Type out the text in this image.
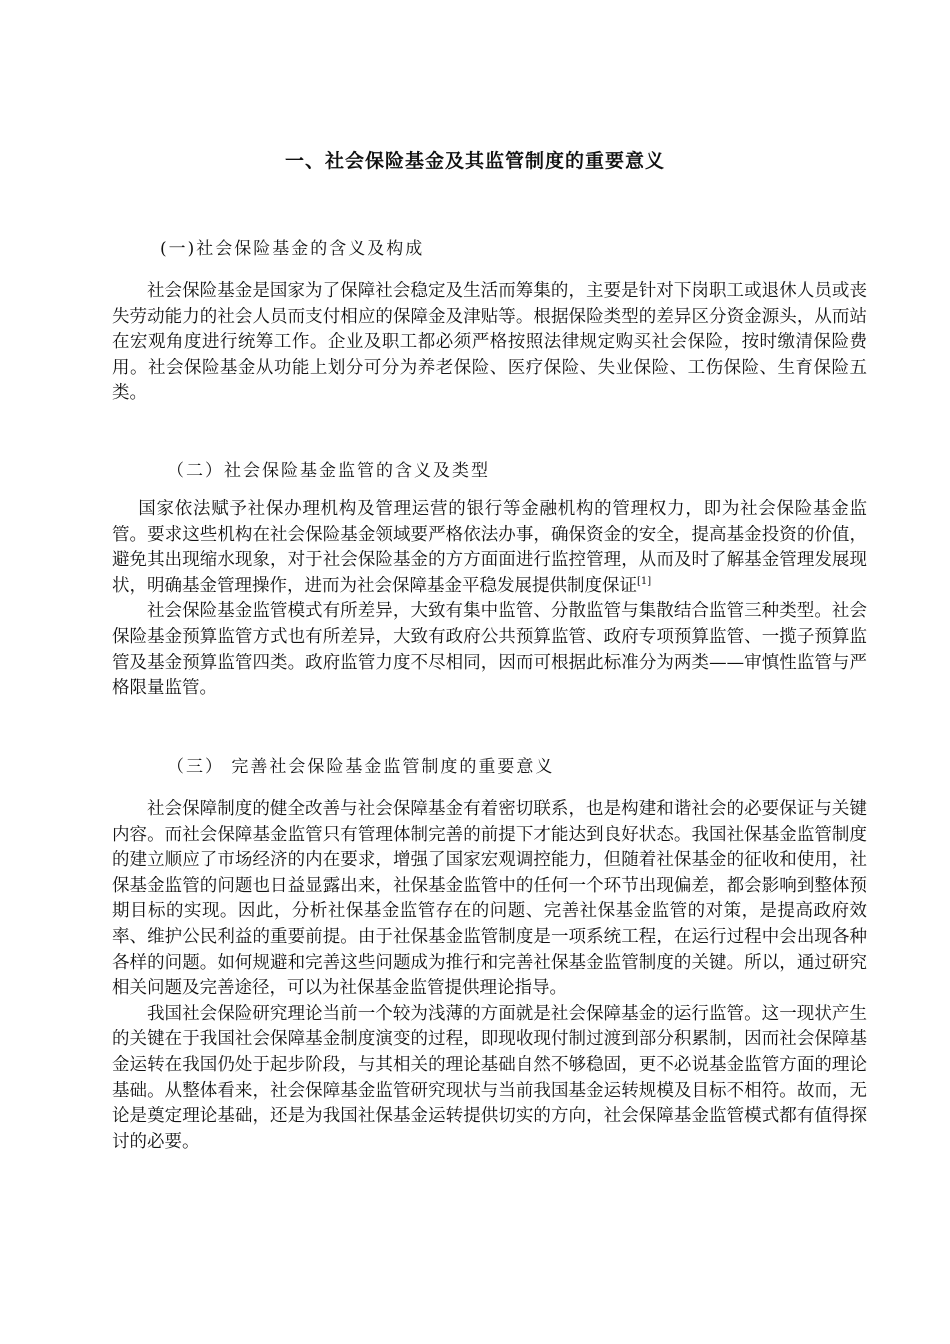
一、社会保险基金及其监管制度的重要意义
(一)社会保险基金的含义及构成

社会保险基金是国家为了保障社会稳定及生活而筹集的，主要是针对下岗职工或退休人员或丧失劳动能力的社会人员而支付相应的保障金及津贴等。根据保险类型的差异区分资金源头，从而站在宏观角度进行统筹工作。企业及职工都必须严格按照法律规定购买社会保险，按时缴清保险费用。社会保险基金从功能上划分可分为养老保险、医疗保险、失业保险、工伤保险、生育保险五类。

（二）社会保险基金监管的含义及类型

国家依法赋予社保办理机构及管理运营的银行等金融机构的管理权力，即为社会保险基金监管。要求这些机构在社会保险基金领域要严格依法办事，确保资金的安全，提高基金投资的价值，避免其出现缩水现象，对于社会保险基金的方方面面进行监控管理，从而及时了解基金管理发展现状，明确基金管理操作，进而为社会保障基金平稳发展提供制度保证[1]

社会保险基金监管模式有所差异，大致有集中监管、分散监管与集散结合监管三种类型。社会保险基金预算监管方式也有所差异，大致有政府公共预算监管、政府专项预算监管、一揽子预算监管及基金预算监管四类。政府监管力度不尽相同，因而可根据此标准分为两类——审慎性监管与严格限量监管。

（三） 完善社会保险基金监管制度的重要意义

社会保障制度的健全改善与社会保障基金有着密切联系，也是构建和谐社会的必要保证与关键内容。而社会保障基金监管只有管理体制完善的前提下才能达到良好状态。我国社保基金监管制度的建立顺应了市场经济的内在要求，增强了国家宏观调控能力，但随着社保基金的征收和使用，社保基金监管的问题也日益显露出来，社保基金监管中的任何一个环节出现偏差，都会影响到整体预期目标的实现。因此，分析社保基金监管存在的问题、完善社保基金监管的对策，是提高政府效率、维护公民利益的重要前提。由于社保基金监管制度是一项系统工程，在运行过程中会出现各种各样的问题。如何规避和完善这些问题成为推行和完善社保基金监管制度的关键。所以，通过研究相关问题及完善途径，可以为社保基金监管提供理论指导。

我国社会保险研究理论当前一个较为浅薄的方面就是社会保障基金的运行监管。这一现状产生的关键在于我国社会保障基金制度演变的过程，即现收现付制过渡到部分积累制，因而社会保障基金运转在我国仍处于起步阶段，与其相关的理论基础自然不够稳固，更不必说基金监管方面的理论基础。从整体看来，社会保障基金监管研究现状与当前我国基金运转规模及目标不相符。故而，无论是奠定理论基础，还是为我国社保基金运转提供切实的方向，社会保障基金监管模式都有值得探讨的必要。
